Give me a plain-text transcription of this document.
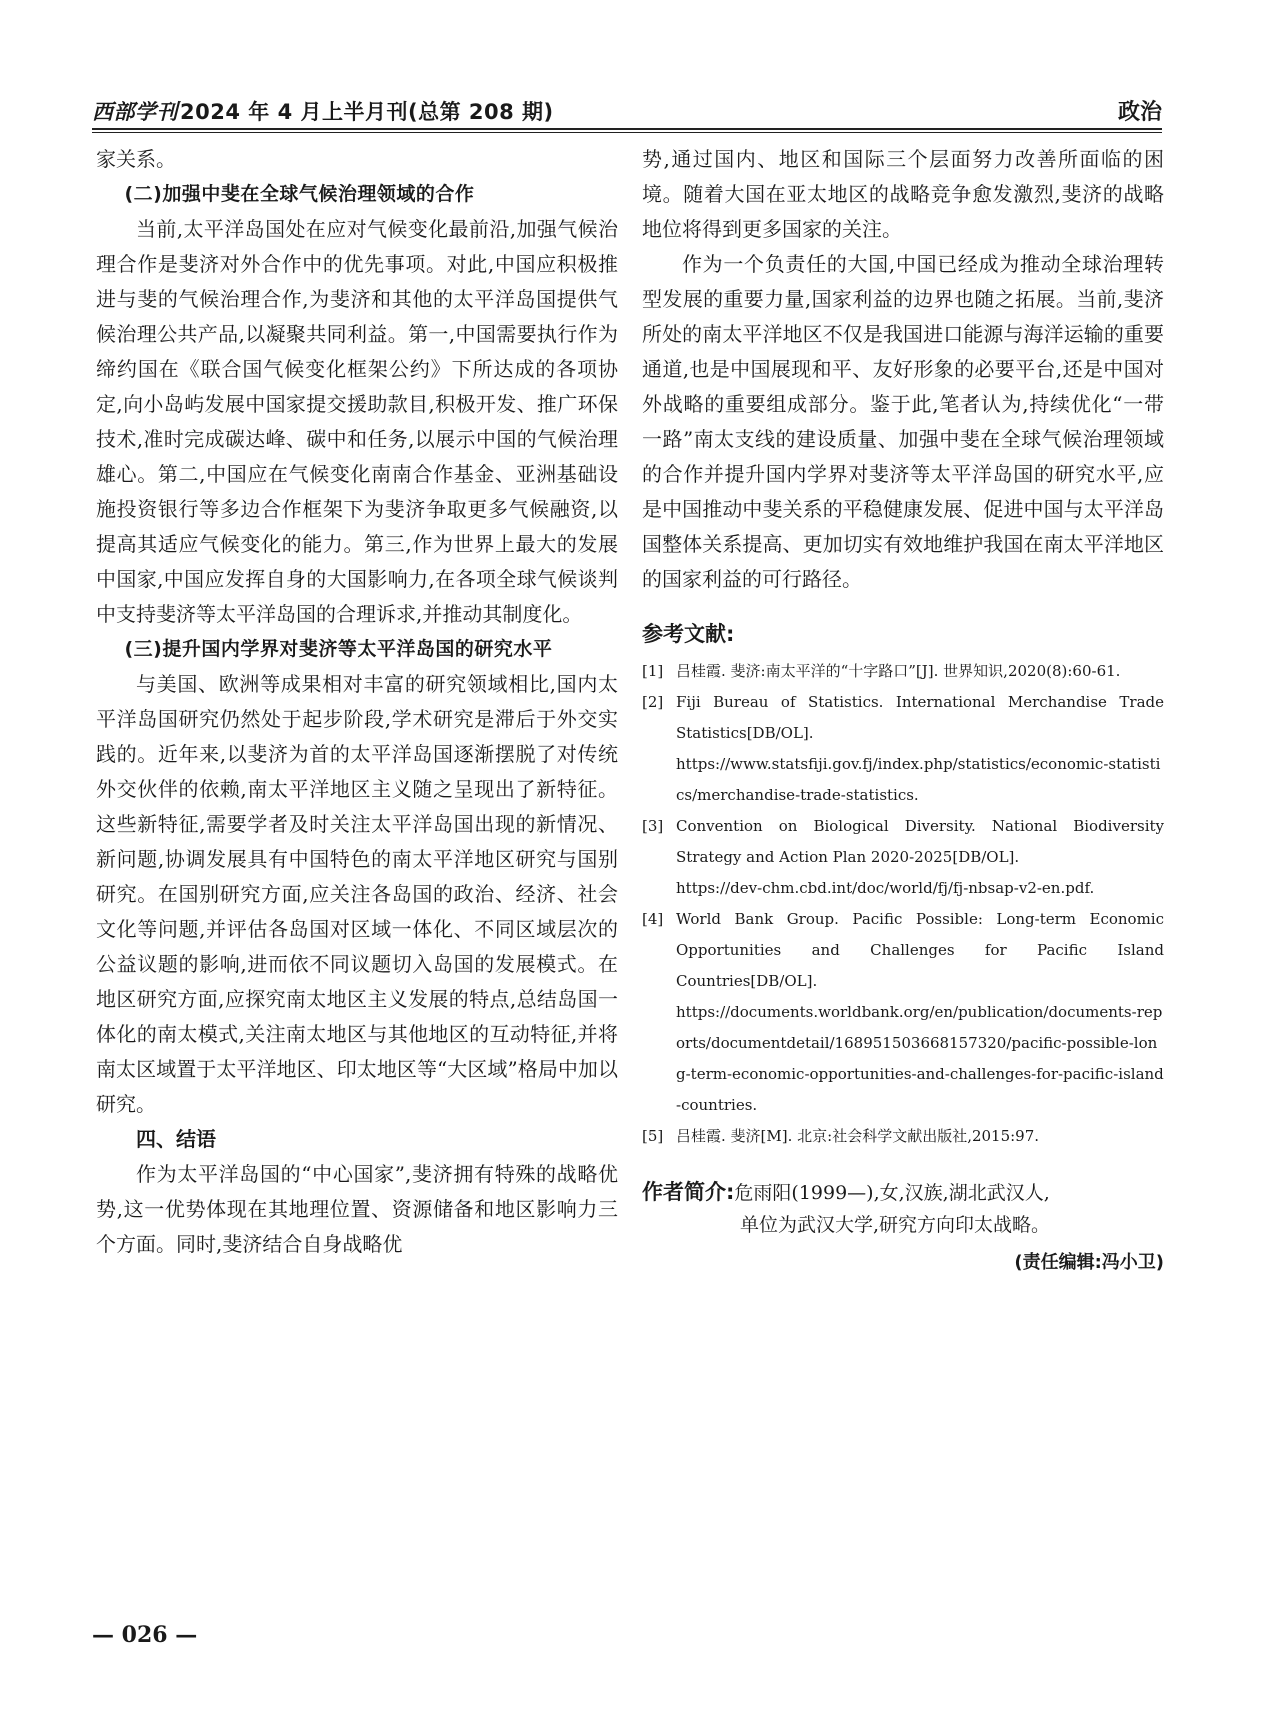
西部学刊2024 年 4 月上半月刊(总第 208 期)	政治

家关系。

(二)加强中斐在全球气候治理领域的合作

当前,太平洋岛国处在应对气候变化最前沿,加强气候治理合作是斐济对外合作中的优先事项。对此,中国应积极推进与斐的气候治理合作,为斐济和其他的太平洋岛国提供气候治理公共产品,以凝聚共同利益。第一,中国需要执行作为缔约国在《联合国气候变化框架公约》下所达成的各项协定,向小岛屿发展中国家提交援助款目,积极开发、推广环保技术,准时完成碳达峰、碳中和任务,以展示中国的气候治理雄心。第二,中国应在气候变化南南合作基金、亚洲基础设施投资银行等多边合作框架下为斐济争取更多气候融资,以提高其适应气候变化的能力。第三,作为世界上最大的发展中国家,中国应发挥自身的大国影响力,在各项全球气候谈判中支持斐济等太平洋岛国的合理诉求,并推动其制度化。

(三)提升国内学界对斐济等太平洋岛国的研究水平

与美国、欧洲等成果相对丰富的研究领域相比,国内太平洋岛国研究仍然处于起步阶段,学术研究是滞后于外交实践的。近年来,以斐济为首的太平洋岛国逐渐摆脱了对传统外交伙伴的依赖,南太平洋地区主义随之呈现出了新特征。这些新特征,需要学者及时关注太平洋岛国出现的新情况、新问题,协调发展具有中国特色的南太平洋地区研究与国别研究。在国别研究方面,应关注各岛国的政治、经济、社会文化等问题,并评估各岛国对区域一体化、不同区域层次的公益议题的影响,进而依不同议题切入岛国的发展模式。在地区研究方面,应探究南太地区主义发展的特点,总结岛国一体化的南太模式,关注南太地区与其他地区的互动特征,并将南太区域置于太平洋地区、印太地区等“大区域”格局中加以研究。

四、结语

作为太平洋岛国的“中心国家”,斐济拥有特殊的战略优势,这一优势体现在其地理位置、资源储备和地区影响力三个方面。同时,斐济结合自身战略优

势,通过国内、地区和国际三个层面努力改善所面临的困境。随着大国在亚太地区的战略竞争愈发激烈,斐济的战略地位将得到更多国家的关注。

作为一个负责任的大国,中国已经成为推动全球治理转型发展的重要力量,国家利益的边界也随之拓展。当前,斐济所处的南太平洋地区不仅是我国进口能源与海洋运输的重要通道,也是中国展现和平、友好形象的必要平台,还是中国对外战略的重要组成部分。鉴于此,笔者认为,持续优化“一带一路”南太支线的建设质量、加强中斐在全球气候治理领域的合作并提升国内学界对斐济等太平洋岛国的研究水平,应是中国推动中斐关系的平稳健康发展、促进中国与太平洋岛国整体关系提高、更加切实有效地维护我国在南太平洋地区的国家利益的可行路径。

参考文献:
[1] 吕桂霞. 斐济:南太平洋的“十字路口”[J]. 世界知识,2020(8):60-61.
[2] Fiji Bureau of Statistics. International Merchandise Trade Statistics[DB/OL].
https://www.statsfiji.gov.fj/index.php/statistics/economic-statistics/merchandise-trade-statistics.
[3] Convention on Biological Diversity. National Biodiversity Strategy and Action Plan 2020-2025[DB/OL].
https://dev-chm.cbd.int/doc/world/fj/fj-nbsap-v2-en.pdf.
[4] World Bank Group. Pacific Possible: Long-term Economic Opportunities and Challenges for Pacific Island Countries[DB/OL].
https://documents.worldbank.org/en/publication/documents-reports/documentdetail/168951503668157320/pacific-possible-long-term-economic-opportunities-and-challenges-for-pacific-island-countries.
[5] 吕桂霞. 斐济[M]. 北京:社会科学文献出版社,2015:97.
作者简介:危雨阳(1999—),女,汉族,湖北武汉人,
单位为武汉大学,研究方向印太战略。
(责任编辑:冯小卫)
— 026 —
